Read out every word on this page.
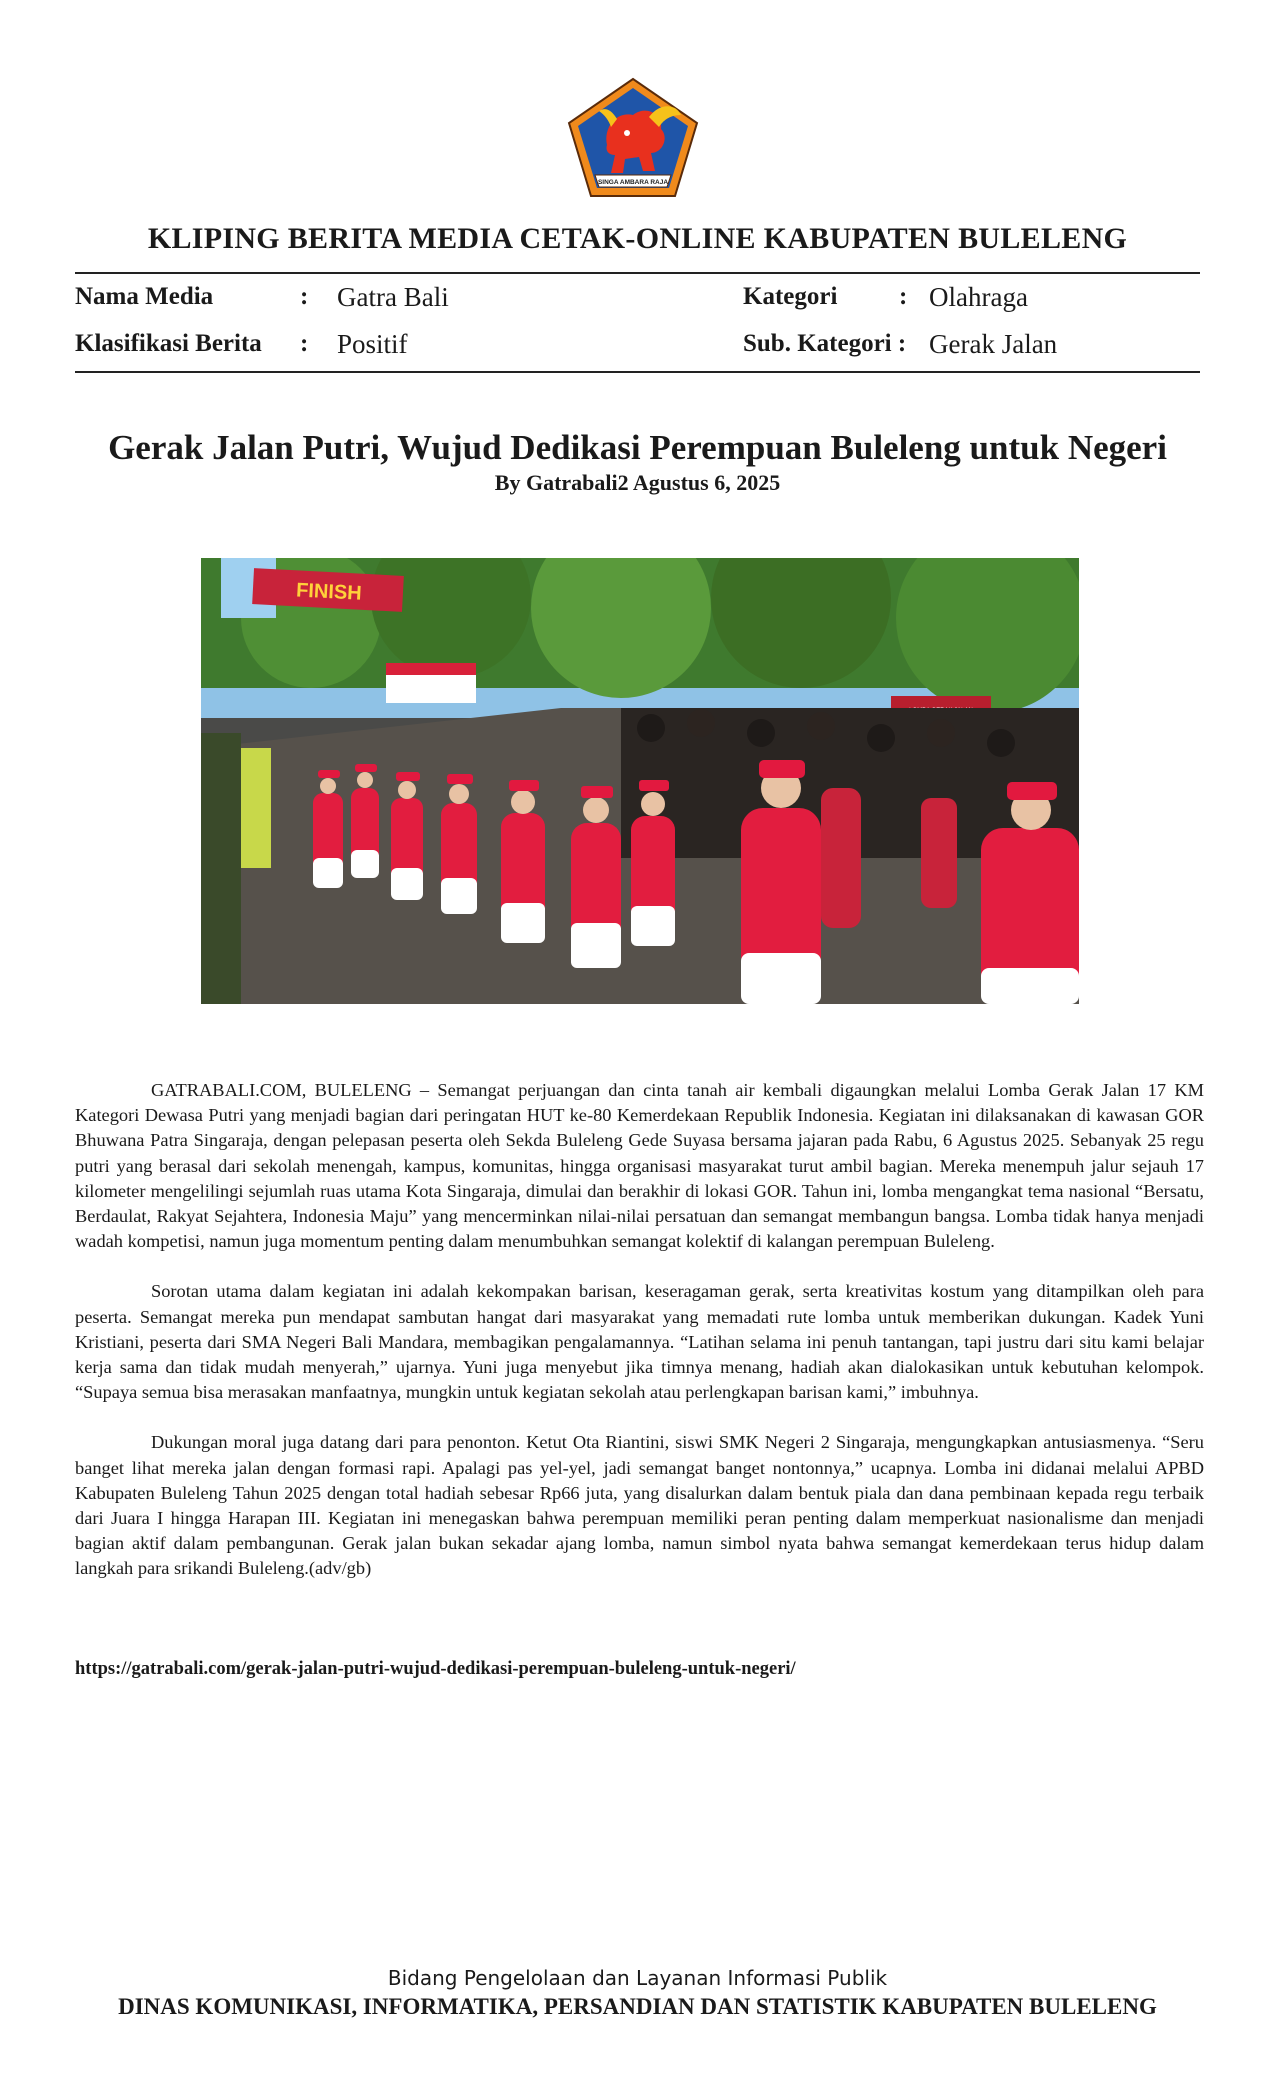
SINGA AMBARA RAJA
KLIPING BERITA MEDIA CETAK-ONLINE KABUPATEN BULELENG
Nama Media	: Gatra Bali
Klasifikasi Berita : Positif
Kategori : Olahraga
Sub. Kategori : Gerak Jalan
Gerak Jalan Putri, Wujud Dedikasi Perempuan Buleleng untuk Negeri
By Gatrabali2 Agustus 6, 2025
FINISH

GATRABALI.COM, BULELENG – Semangat perjuangan dan cinta tanah air kembali digaungkan melalui Lomba Gerak Jalan 17 KM Kategori Dewasa Putri yang menjadi bagian dari peringatan HUT ke-80 Kemerdekaan Republik Indonesia. Kegiatan ini dilaksanakan di kawasan GOR Bhuwana Patra Singaraja, dengan pelepasan peserta oleh Sekda Buleleng Gede Suyasa bersama jajaran pada Rabu, 6 Agustus 2025. Sebanyak 25 regu putri yang berasal dari sekolah menengah, kampus, komunitas, hingga organisasi masyarakat turut ambil bagian. Mereka menempuh jalur sejauh 17 kilometer mengelilingi sejumlah ruas utama Kota Singaraja, dimulai dan berakhir di lokasi GOR. Tahun ini, lomba mengangkat tema nasional “Bersatu, Berdaulat, Rakyat Sejahtera, Indonesia Maju” yang mencerminkan nilai-nilai persatuan dan semangat membangun bangsa. Lomba tidak hanya menjadi wadah kompetisi, namun juga momentum penting dalam menumbuhkan semangat kolektif di kalangan perempuan Buleleng.

Sorotan utama dalam kegiatan ini adalah kekompakan barisan, keseragaman gerak, serta kreativitas kostum yang ditampilkan oleh para peserta. Semangat mereka pun mendapat sambutan hangat dari masyarakat yang memadati rute lomba untuk memberikan dukungan. Kadek Yuni Kristiani, peserta dari SMA Negeri Bali Mandara, membagikan pengalamannya. “Latihan selama ini penuh tantangan, tapi justru dari situ kami belajar kerja sama dan tidak mudah menyerah,” ujarnya. Yuni juga menyebut jika timnya menang, hadiah akan dialokasikan untuk kebutuhan kelompok. “Supaya semua bisa merasakan manfaatnya, mungkin untuk kegiatan sekolah atau perlengkapan barisan kami,” imbuhnya.

Dukungan moral juga datang dari para penonton. Ketut Ota Riantini, siswi SMK Negeri 2 Singaraja, mengungkapkan antusiasmenya. “Seru banget lihat mereka jalan dengan formasi rapi. Apalagi pas yel-yel, jadi semangat banget nontonnya,” ucapnya. Lomba ini didanai melalui APBD Kabupaten Buleleng Tahun 2025 dengan total hadiah sebesar Rp66 juta, yang disalurkan dalam bentuk piala dan dana pembinaan kepada regu terbaik dari Juara I hingga Harapan III. Kegiatan ini menegaskan bahwa perempuan memiliki peran penting dalam memperkuat nasionalisme dan menjadi bagian aktif dalam pembangunan. Gerak jalan bukan sekadar ajang lomba, namun simbol nyata bahwa semangat kemerdekaan terus hidup dalam langkah para srikandi Buleleng.(adv/gb)

https://gatrabali.com/gerak-jalan-putri-wujud-dedikasi-perempuan-buleleng-untuk-negeri/
Bidang Pengelolaan dan Layanan Informasi Publik
DINAS KOMUNIKASI, INFORMATIKA, PERSANDIAN DAN STATISTIK KABUPATEN BULELENG
